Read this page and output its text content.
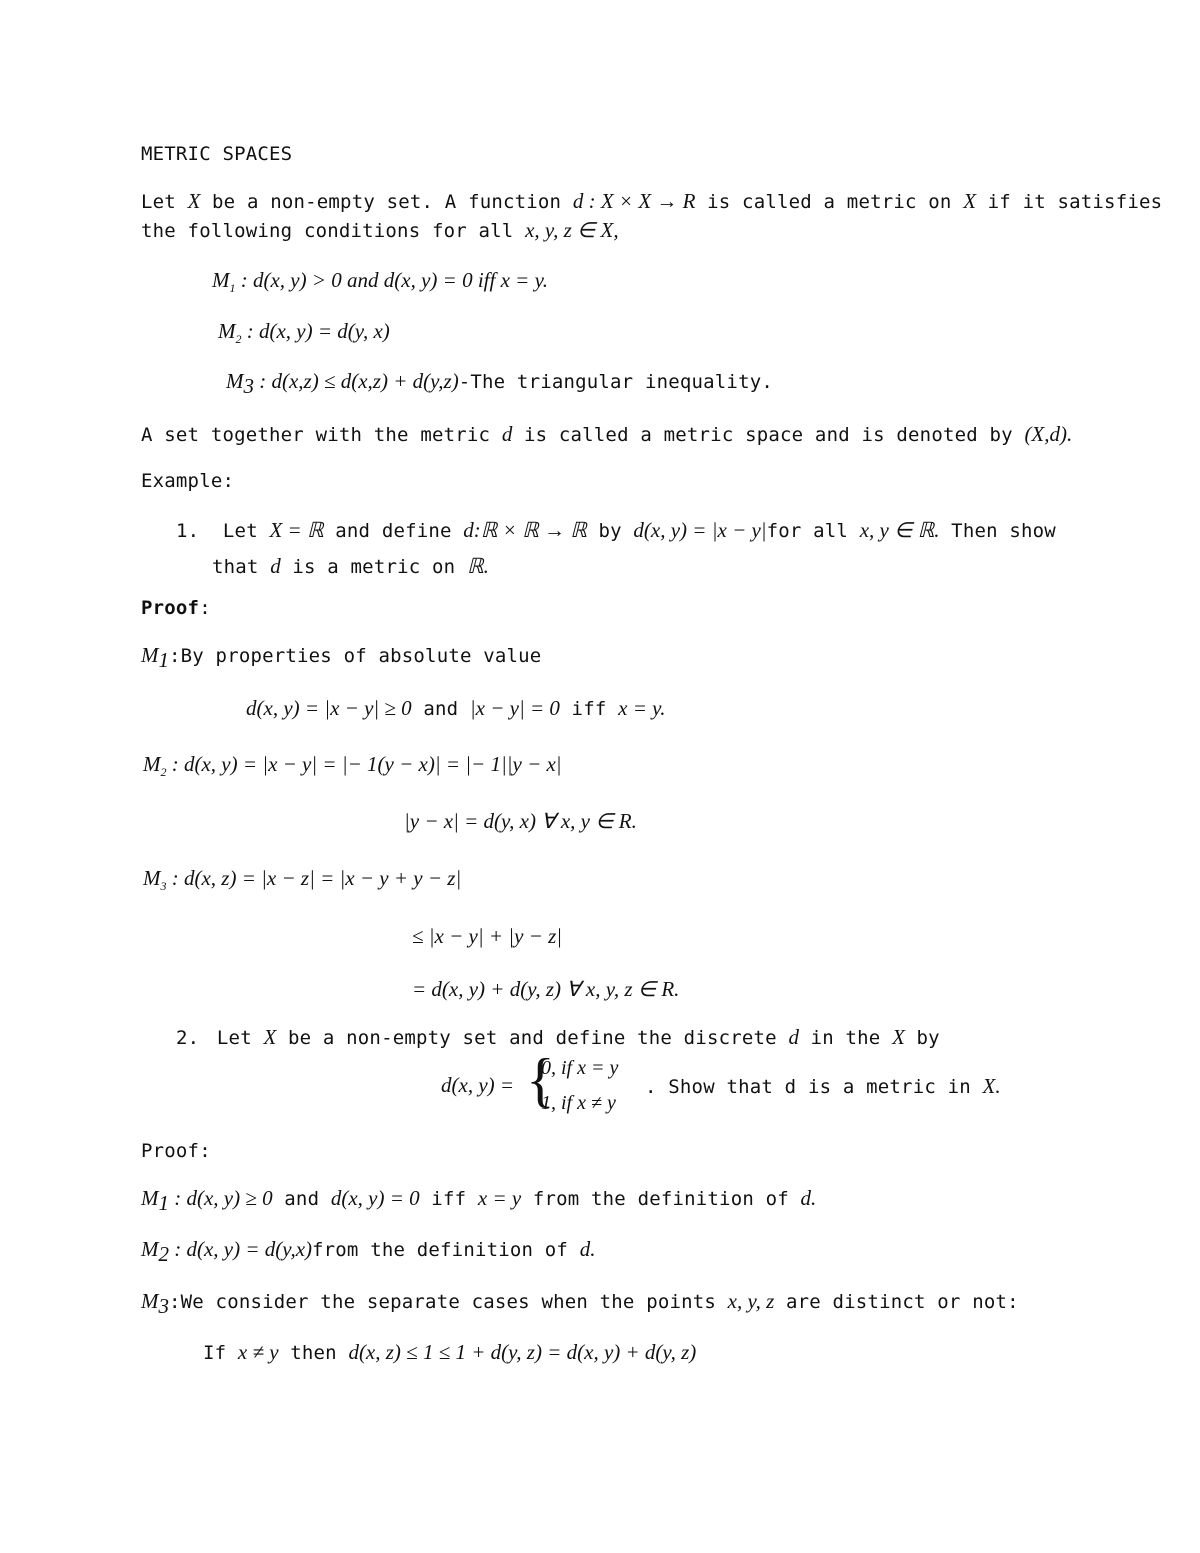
METRIC SPACES
Let X be a non-empty set. A function d : X × X → R is called a metric on X if it satisfies
the following conditions for all x, y, z ∈ X,
$M_1$ : d(x, y) > 0 and d(x, y) = 0 iff x = y.
$M_2$ : d(x, y) = d(y, x)
$M_3$ : d(x,z) ≤ d(x,z) + d(y,z)-The triangular inequality.
A set together with the metric d is called a metric space and is denoted by (X,d).
Example:
1. Let X = ℝ and define d:ℝ × ℝ → ℝ by d(x, y) = |x − y|for all x, y ∈ ℝ. Then show
that d is a metric on ℝ.
Proof:
$M_1:By$ properties of absolute value
d(x, y) = |x − y| ≥ 0 and |x − y| = 0 iff x = y.
$M_2$ : d(x, y) = |x − y| = |− 1(y − x)| = |− 1||y − x|
|y − x| = d(y, x) ∀ x, y ∈ R.
$M_3$ : d(x, z) = |x − z| = |x − y + y − z|
≤ |x − y| + |y − z|
= d(x, y) + d(y, z) ∀ x, y, z ∈ R.
2. Let X be a non-empty set and define the discrete d in the X by
d(x, y) = {
0, if x = y
1, if x ≠ y
. Show that d is a metric in X.
Proof:
$M_1$ : d(x, y) ≥ 0 and d(x, y) = 0 iff x = y from the definition of d.
$M_2$ : d(x, y) = d(y,x)from the definition of d.
$M_3:We$ consider the separate cases when the points x, y, z are distinct or not:
If x ≠ y then d(x, z) ≤ 1 ≤ 1 + d(y, z) = d(x, y) + d(y, z)
